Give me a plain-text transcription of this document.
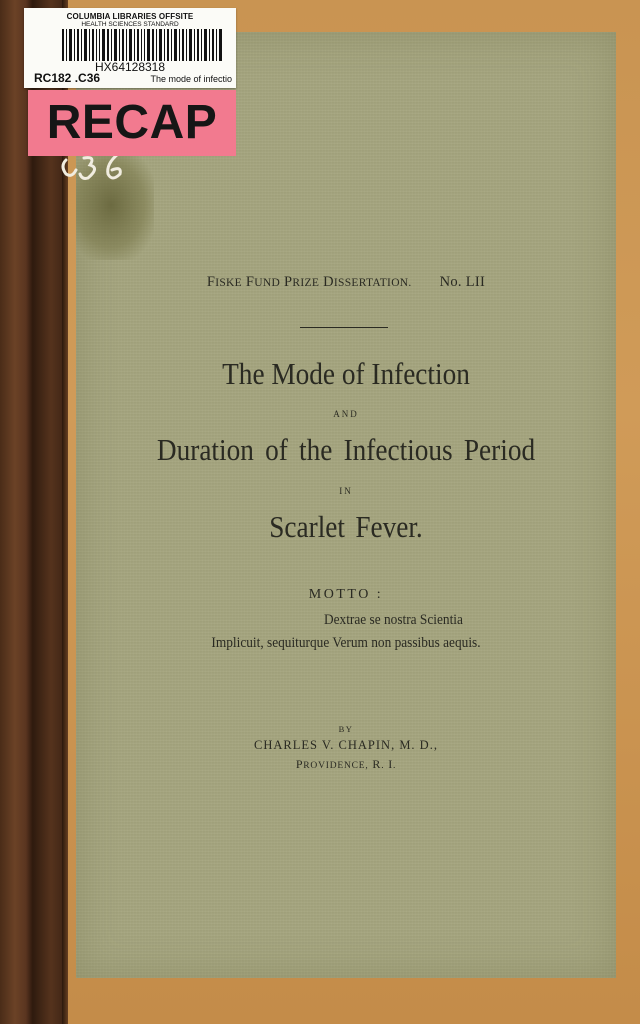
COLUMBIA LIBRARIES OFFSITE
HEALTH SCIENCES STANDARD
HX64128318
RC182 .C36	The mode of infectio
RECAP
FISKE FUND PRIZE DISSERTATION. No. LII
The Mode of Infection
AND
Duration of the Infectious Period
IN
Scarlet Fever.
MOTTO :
Dextrae se nostra Scientia
Implicuit, sequiturque Verum non passibus aequis.
BY
CHARLES V. CHAPIN, M. D.,
PROVIDENCE, R. I.
